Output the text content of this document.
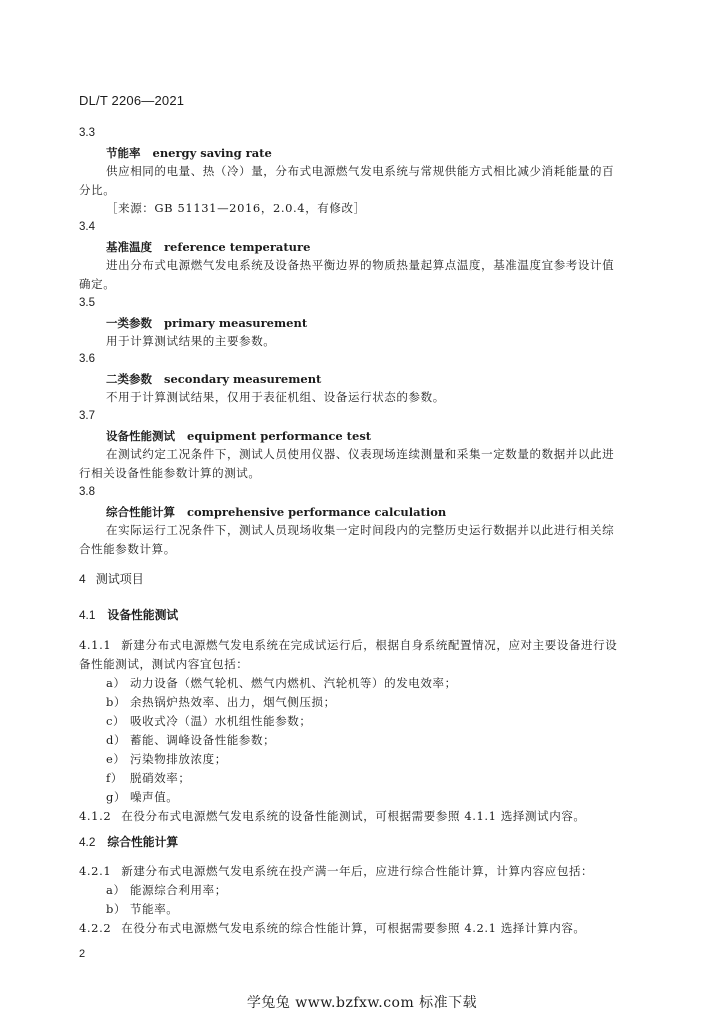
DL/T 2206—2021
3.3
节能率 energy saving rate
供应相同的电量、热（冷）量，分布式电源燃气发电系统与常规供能方式相比减少消耗能量的百
分比。
［来源：GB 51131—2016，2.0.4，有修改］
3.4
基准温度 reference temperature
进出分布式电源燃气发电系统及设备热平衡边界的物质热量起算点温度，基准温度宜参考设计值
确定。
3.5
一类参数 primary measurement
用于计算测试结果的主要参数。
3.6
二类参数 secondary measurement
不用于计算测试结果，仅用于表征机组、设备运行状态的参数。
3.7
设备性能测试 equipment performance test
在测试约定工况条件下，测试人员使用仪器、仪表现场连续测量和采集一定数量的数据并以此进
行相关设备性能参数计算的测试。
3.8
综合性能计算 comprehensive performance calculation
在实际运行工况条件下，测试人员现场收集一定时间段内的完整历史运行数据并以此进行相关综
合性能参数计算。
4 测试项目
4.1 设备性能测试
4.1.1 新建分布式电源燃气发电系统在完成试运行后，根据自身系统配置情况，应对主要设备进行设
备性能测试，测试内容宜包括：
a） 动力设备（燃气轮机、燃气内燃机、汽轮机等）的发电效率；
b） 余热锅炉热效率、出力，烟气侧压损；
c） 吸收式冷（温）水机组性能参数；
d） 蓄能、调峰设备性能参数；
e） 污染物排放浓度；
f） 脱硝效率；
g） 噪声值。
4.1.2 在役分布式电源燃气发电系统的设备性能测试，可根据需要参照 4.1.1 选择测试内容。
4.2 综合性能计算
4.2.1 新建分布式电源燃气发电系统在投产满一年后，应进行综合性能计算，计算内容应包括：
a） 能源综合利用率；
b） 节能率。
4.2.2 在役分布式电源燃气发电系统的综合性能计算，可根据需要参照 4.2.1 选择计算内容。
2
学兔兔 www.bzfxw.com 标准下载
